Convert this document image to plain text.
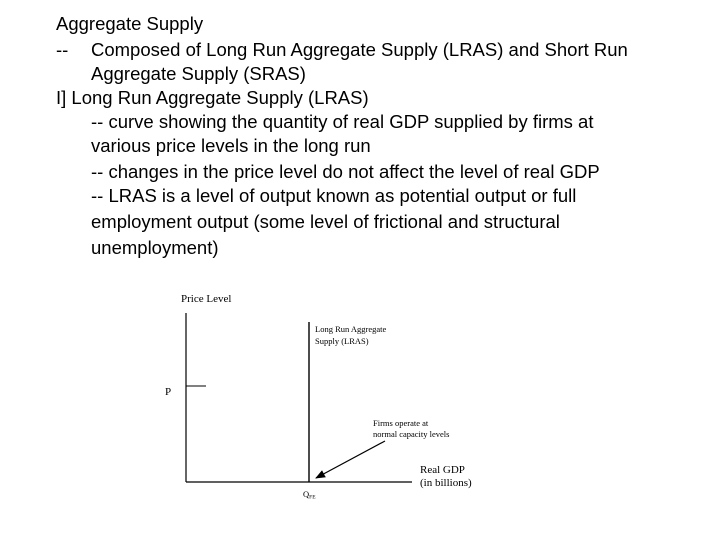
Aggregate Supply
-- Composed of Long Run Aggregate Supply (LRAS) and Short Run
Aggregate Supply (SRAS)
I] Long Run Aggregate Supply (LRAS)
-- curve showing the quantity of real GDP supplied by firms at
various price levels in the long run
-- changes in the price level do not affect the level of real GDP
-- LRAS is a level of output known as potential output or full
employment output (some level of frictional and structural
unemployment)
Price Level
P
Long Run Aggregate
Supply (LRAS)
Firms operate at
normal capacity levels
Real GDP
(in billions)
QFE
